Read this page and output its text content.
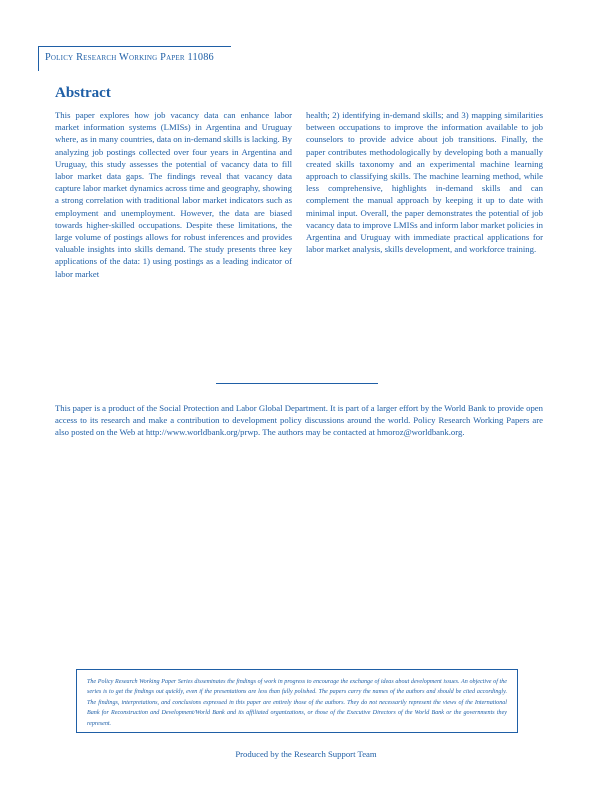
Policy Research Working Paper 11086
Abstract

This paper explores how job vacancy data can enhance labor market information systems (LMISs) in Argentina and Uruguay where, as in many countries, data on in-demand skills is lacking. By analyzing job postings collected over four years in Argentina and Uruguay, this study assesses the potential of vacancy data to fill labor market data gaps. The findings reveal that vacancy data capture labor market dynamics across time and geography, showing a strong correlation with traditional labor market indicators such as employment and unemployment. However, the data are biased towards higher-skilled occupations. Despite these limitations, the large volume of postings allows for robust inferences and provides valuable insights into skills demand. The study presents three key applications of the data: 1) using postings as a leading indicator of labor market

health; 2) identifying in-demand skills; and 3) mapping similarities between occupations to improve the information available to job counselors to provide advice about job transitions. Finally, the paper contributes methodologically by developing both a manually created skills taxonomy and an experimental machine learning approach to classifying skills. The machine learning method, while less comprehensive, highlights in-demand skills and can complement the manual approach by keeping it up to date with minimal input. Overall, the paper demonstrates the potential of job vacancy data to improve LMISs and inform labor market policies in Argentina and Uruguay with immediate practical applications for labor market analysis, skills development, and workforce training.

This paper is a product of the Social Protection and Labor Global Department. It is part of a larger effort by the World Bank to provide open access to its research and make a contribution to development policy discussions around the world. Policy Research Working Papers are also posted on the Web at http://www.worldbank.org/prwp. The authors may be contacted at hmoroz@worldbank.org.

The Policy Research Working Paper Series disseminates the findings of work in progress to encourage the exchange of ideas about development issues. An objective of the series is to get the findings out quickly, even if the presentations are less than fully polished. The papers carry the names of the authors and should be cited accordingly. The findings, interpretations, and conclusions expressed in this paper are entirely those of the authors. They do not necessarily represent the views of the International Bank for Reconstruction and Development/World Bank and its affiliated organizations, or those of the Executive Directors of the World Bank or the governments they represent.

Produced by the Research Support Team
